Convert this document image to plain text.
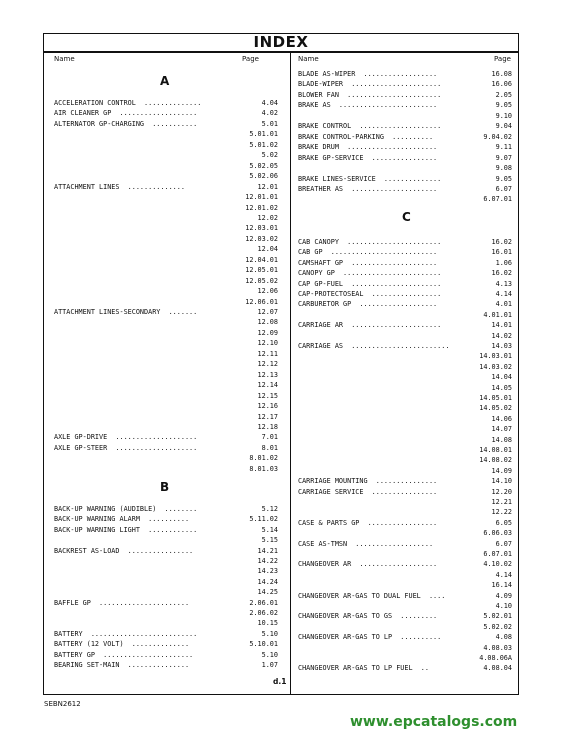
INDEX
Name	Page	Name	Page
A
B
C
ACCELERATION CONTROL  ..............	4.04
AIR CLEANER GP  ...................	4.02
ALTERNATOR GP-CHARGING  ...........	5.01
5.01.01
5.01.02
5.02
5.02.05
5.02.06
ATTACHMENT LINES  ..............	12.01
12.01.01
12.01.02
12.02
12.03.01
12.03.02
12.04
12.04.01
12.05.01
12.05.02
12.06
12.06.01
ATTACHMENT LINES-SECONDARY  .......	12.07
12.08
12.09
12.10
12.11
12.12
12.13
12.14
12.15
12.16
12.17
12.18
AXLE GP-DRIVE  ....................	7.01
AXLE GP-STEER  ....................	8.01
8.01.02
8.01.03
BACK-UP WARNING (AUDIBLE)  ........	5.12
BACK-UP WARNING ALARM  ..........	5.11.02
BACK-UP WARNING LIGHT  ............	5.14
5.15
BACKREST AS-LOAD  ................	14.21
14.22
14.23
14.24
14.25
BAFFLE GP  ......................	2.06.01
2.06.02
10.15
BATTERY  ..........................	5.10
BATTERY (12 VOLT)  ..............	5.10.01
BATTERY GP  ......................	5.10
BEARING SET-MAIN  ...............	1.07
BLADE AS-WIPER  ..................	16.08
BLADE-WIPER  ......................	16.06
BLOWER FAN  .......................	2.05
BRAKE AS  ........................	9.05
9.10
BRAKE CONTROL  ....................	9.04
BRAKE CONTROL-PARKING  ..........	9.04.02
BRAKE DRUM  ......................	9.11
BRAKE GP-SERVICE  ................	9.07
9.08
BRAKE LINES-SERVICE  ..............	9.05
BREATHER AS  .....................	6.07
6.07.01
CAB CANOPY  .......................	16.02
CAB GP  ..........................	16.01
CAMSHAFT GP  .....................	1.06
CANOPY GP  ........................	16.02
CAP GP-FUEL  ......................	4.13
CAP-PROTECTOSEAL  .................	4.14
CARBURETOR GP  ...................	4.01
4.01.01
CARRIAGE AR  ......................	14.01
14.02
CARRIAGE AS  ........................	14.03
14.03.01
14.03.02
14.04
14.05
14.05.01
14.05.02
14.06
14.07
14.08
14.08.01
14.08.02
14.09
CARRIAGE MOUNTING  ...............	14.10
CARRIAGE SERVICE  ................	12.20
12.21
12.22
CASE & PARTS GP  .................	6.05
6.06.03
CASE AS-TMSN  ...................	6.07
6.07.01
CHANGEOVER AR  ...................	4.10.02
4.14
16.14
CHANGEOVER AR-GAS TO DUAL FUEL  ....	4.09
4.10
CHANGEOVER AR-GAS TO GS  .........	5.02.01
5.02.02
CHANGEOVER AR-GAS TO LP  ..........	4.08
4.08.03
4.08.06A
CHANGEOVER AR-GAS TO LP FUEL  ..	4.08.04
d.1
SEBN2612
www.epcatalogs.com
